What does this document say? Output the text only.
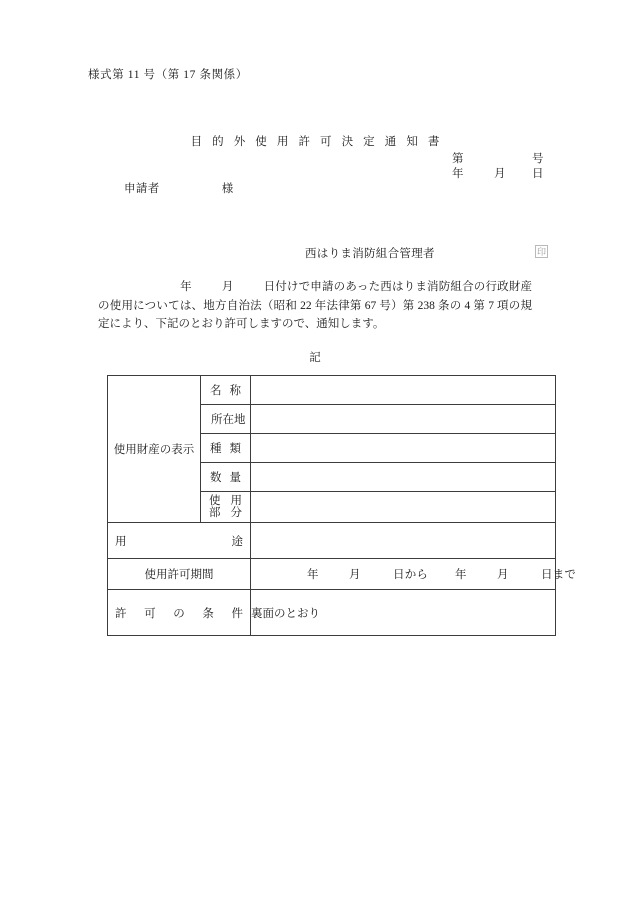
様式第 11 号（第 17 条関係）
目 的 外 使 用 許 可 決 定 通 知 書
第	号
年	月	日
申請者	様
西はりま消防組合管理者	印
年	月	日付けで申請のあった西はりま消防組合の行政財産の使用については、地方自治法（昭和 22 年法律第 67 号）第 238 条の 4 第 7 項の規定により、下記のとおり許可しますので、通知します。
記
使用財産の表示	名 称	

	所在地	

	種 類	

	数 量	

	使 用
部 分	

用 途		

使用許可期間		年 月 日から 年 月 日まで

許 可 の 条 件		裏面のとおり
